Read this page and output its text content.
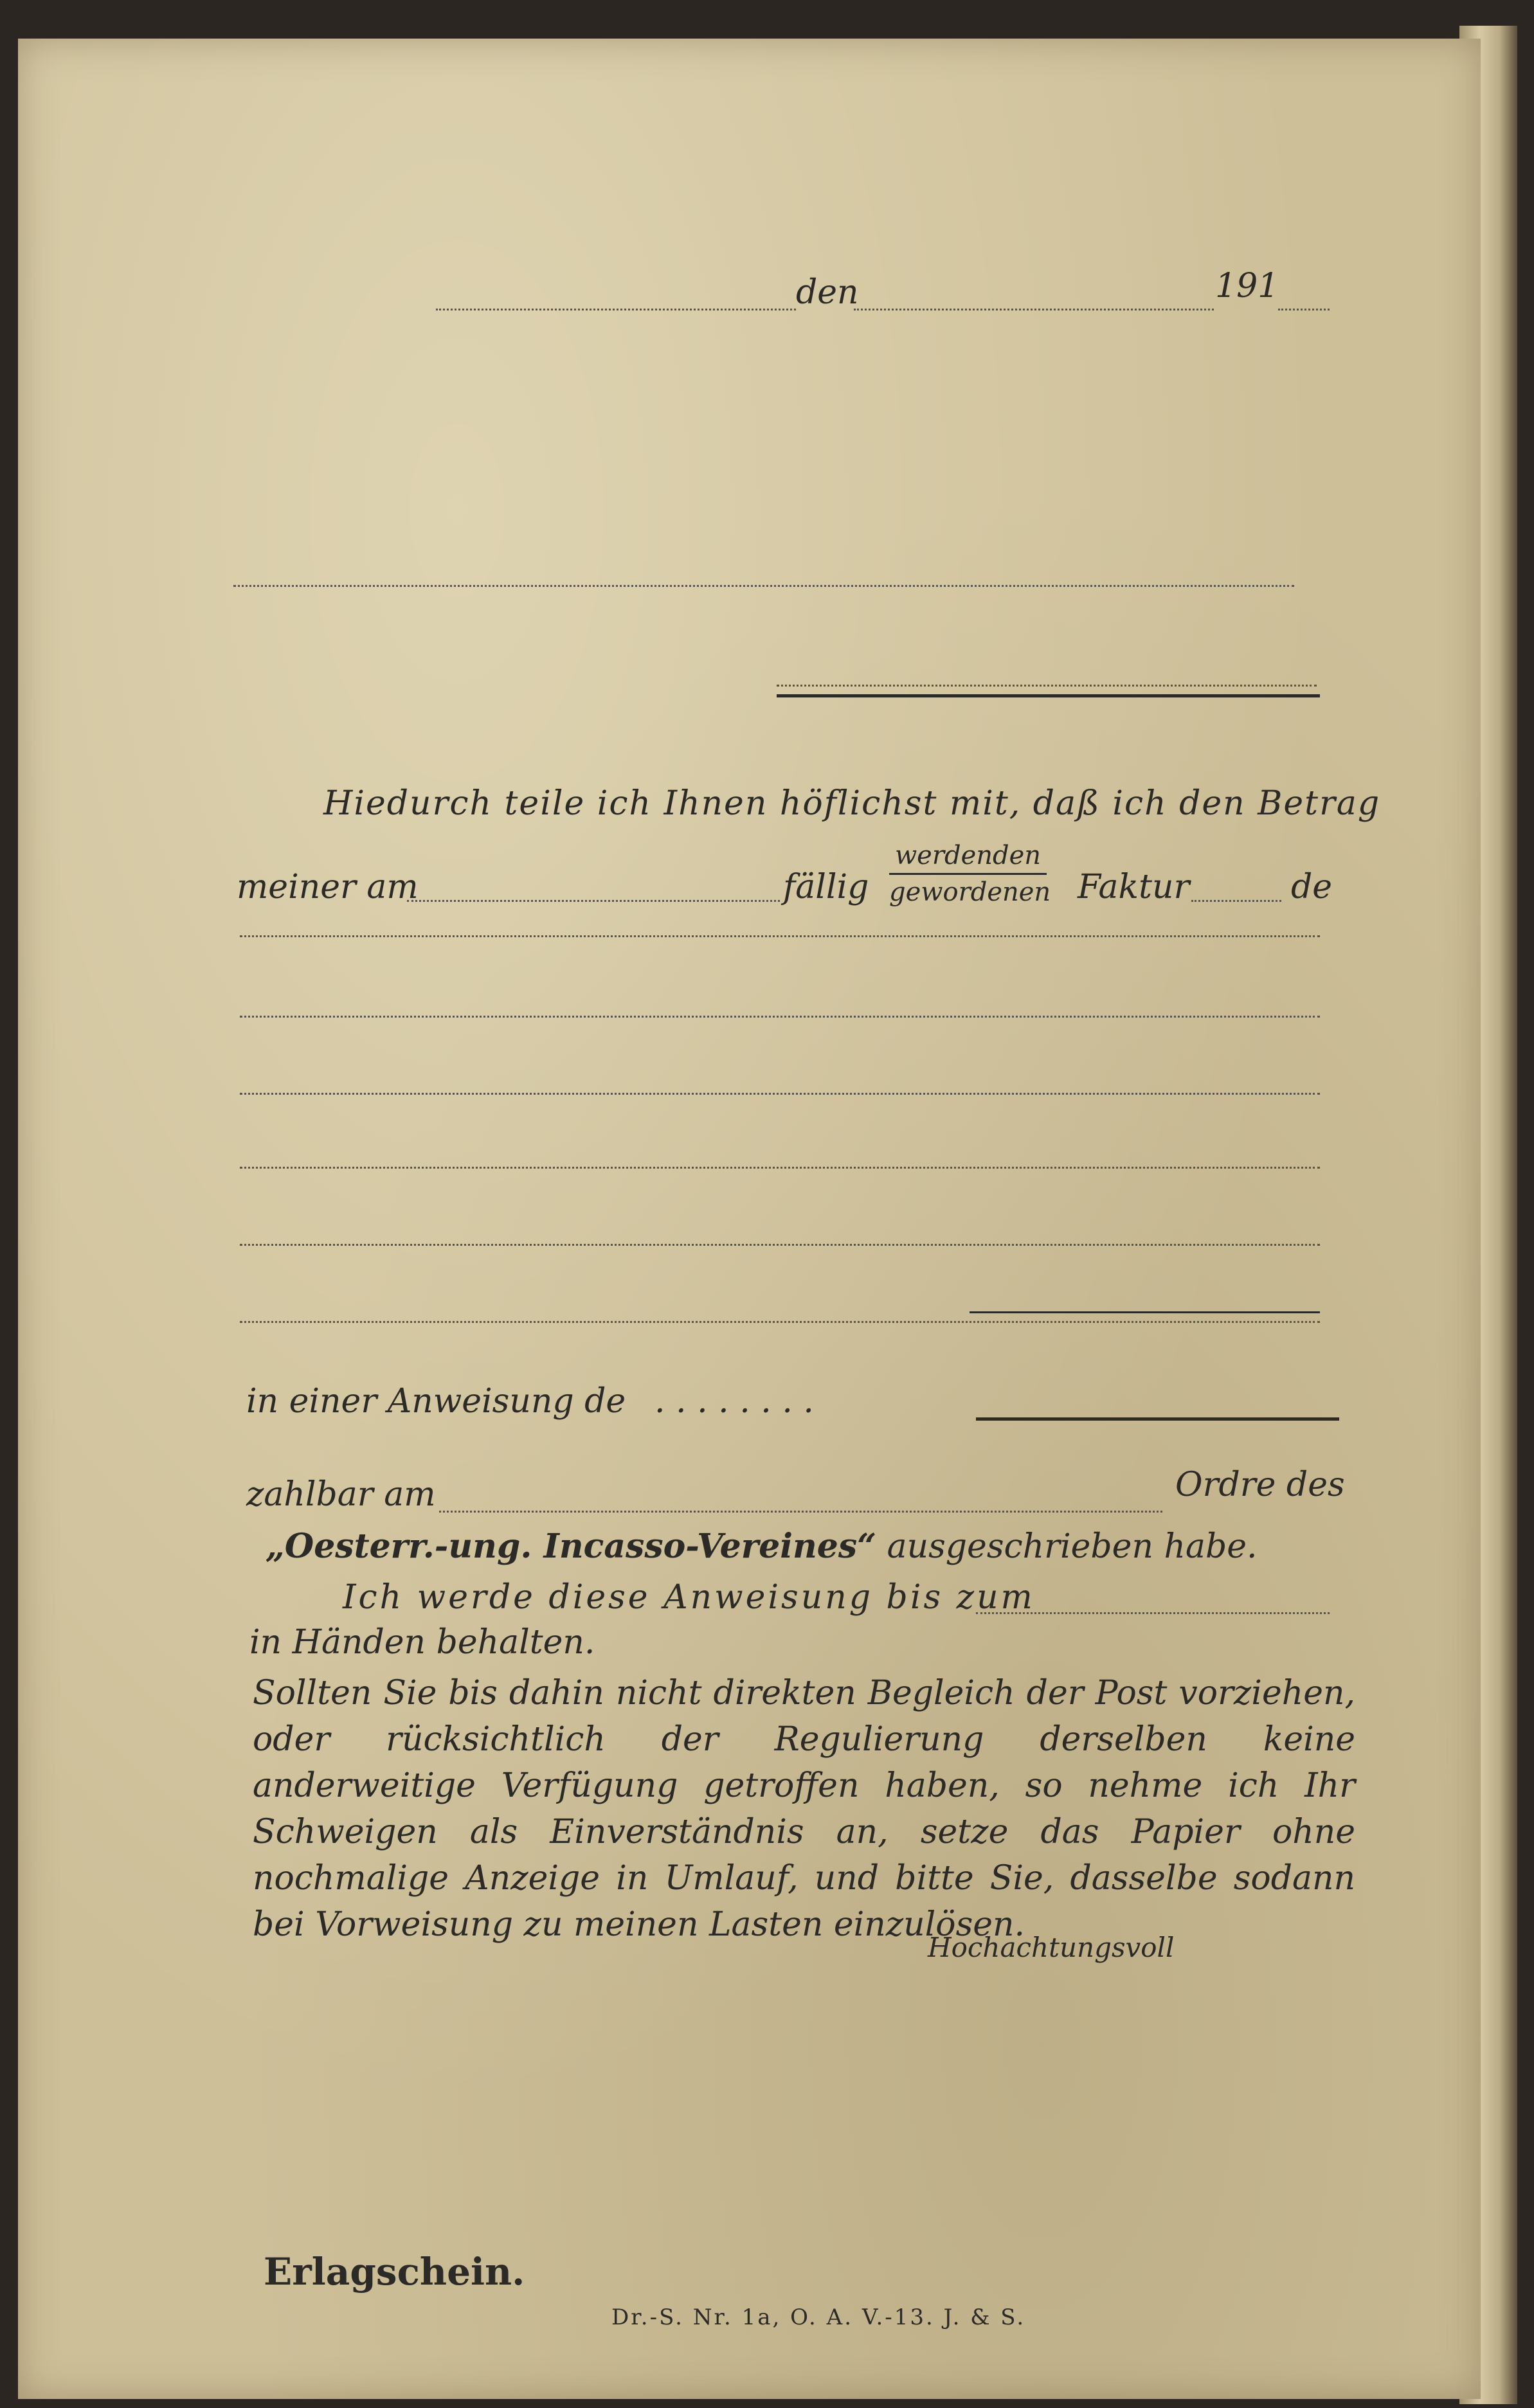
den	191
Hiedurch teile ich Ihnen höflichst mit, daß ich den Betrag
meiner am	fällig
werdenden
gewordenen Faktur	de
in einer Anweisung de . . . . . . . .
zahlbar am	Ordre des
„Oesterr.-ung. Incasso-Vereines“ ausgeschrieben habe.
Ich werde diese Anweisung bis zum
in Händen behalten.
Sollten Sie bis dahin nicht direkten Begleich der Post vorziehen, oder rücksichtlich der Regulierung derselben keine anderweitige Verfügung getroffen haben, so nehme ich Ihr Schweigen als Einverständnis an, setze das Papier ohne nochmalige Anzeige in Umlauf, und bitte Sie, dasselbe sodann bei Vorweisung zu meinen Lasten einzulösen.
Hochachtungsvoll
Erlagschein.
Dr.-S. Nr. 1a, O. A. V.-13. J. & S.
